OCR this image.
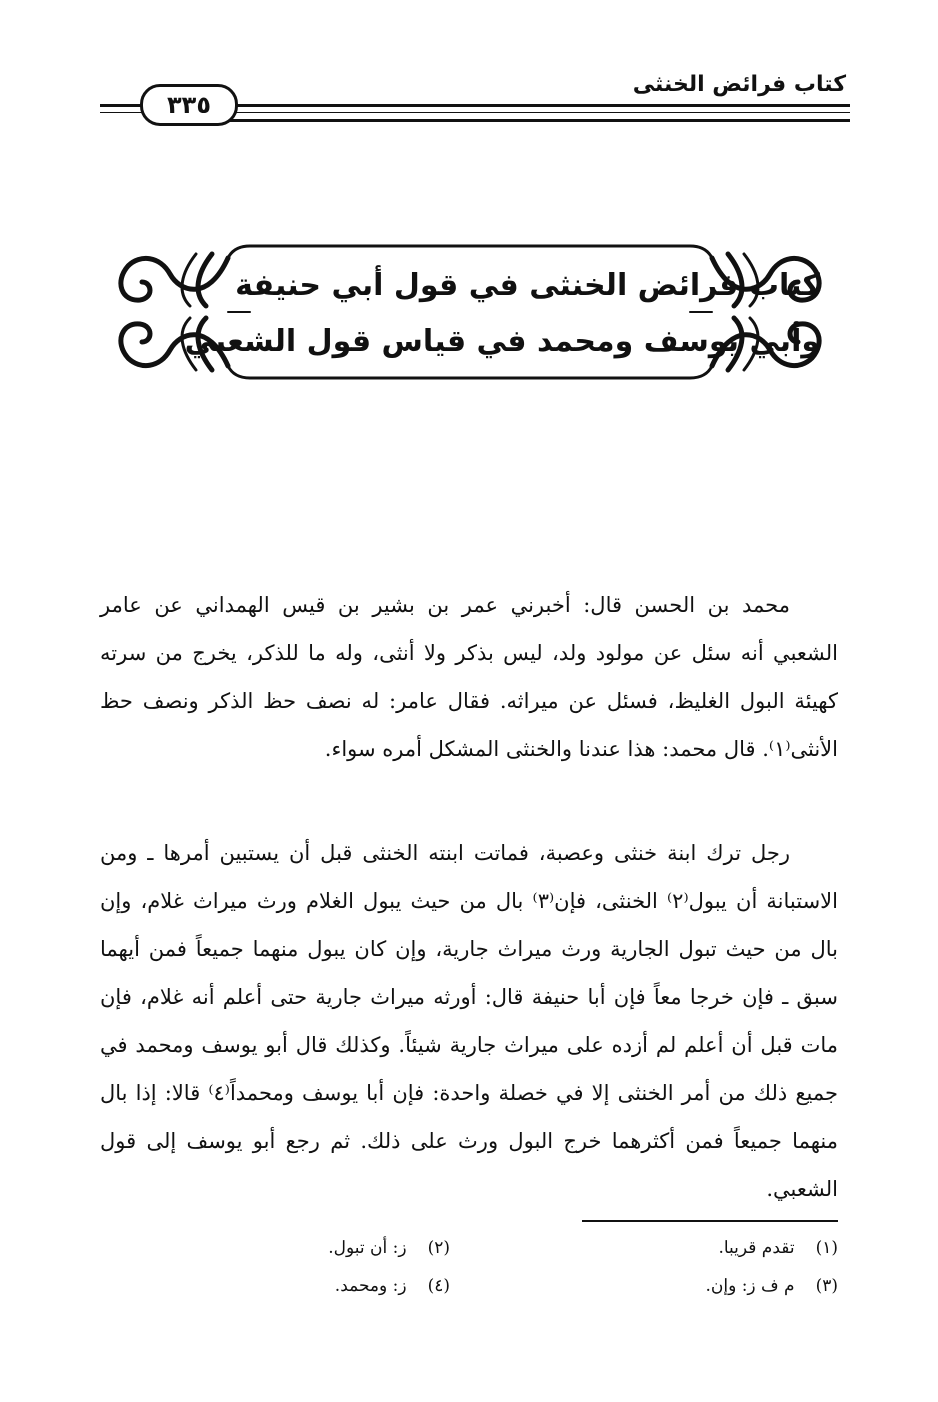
كتاب فرائض الخنثى
٣٣٥
كتاب فرائض الخنثى في قول أبي حنيفة
وأبي يوسف ومحمد في قياس قول الشعبي

محمد بن الحسن قال: أخبرني عمر بن بشير بن قيس الهمداني عن عامر الشعبي أنه سئل عن مولود ولد، ليس بذكر ولا أنثى، وله ما للذكر، يخرج من سرته كهيئة البول الغليظ، فسئل عن ميراثه. فقال عامر: له نصف حظ الذكر ونصف حظ الأنثى⁽١⁾. قال محمد: هذا عندنا والخنثى المشكل أمره سواء.

رجل ترك ابنة خنثى وعصبة، فماتت ابنته الخنثى قبل أن يستبين أمرها ـ ومن الاستبانة أن يبول⁽٢⁾ الخنثى، فإن⁽٣⁾ بال من حيث يبول الغلام ورث ميراث غلام، وإن بال من حيث تبول الجارية ورث ميراث جارية، وإن كان يبول منهما جميعاً فمن أيهما سبق ـ فإن خرجا معاً فإن أبا حنيفة قال: أورثه ميراث جارية حتى أعلم أنه غلام، فإن مات قبل أن أعلم لم أزده على ميراث جارية شيئاً. وكذلك قال أبو يوسف ومحمد في جميع ذلك من أمر الخنثى إلا في خصلة واحدة: فإن أبا يوسف ومحمداً⁽٤⁾ قالا: إذا بال منهما جميعاً فمن أكثرهما خرج البول ورث على ذلك. ثم رجع أبو يوسف إلى قول الشعبي.

(١) تقدم قريبا.
(٢) ز: أن تبول.
(٣) م ف ز: وإن.
(٤) ز: ومحمد.
